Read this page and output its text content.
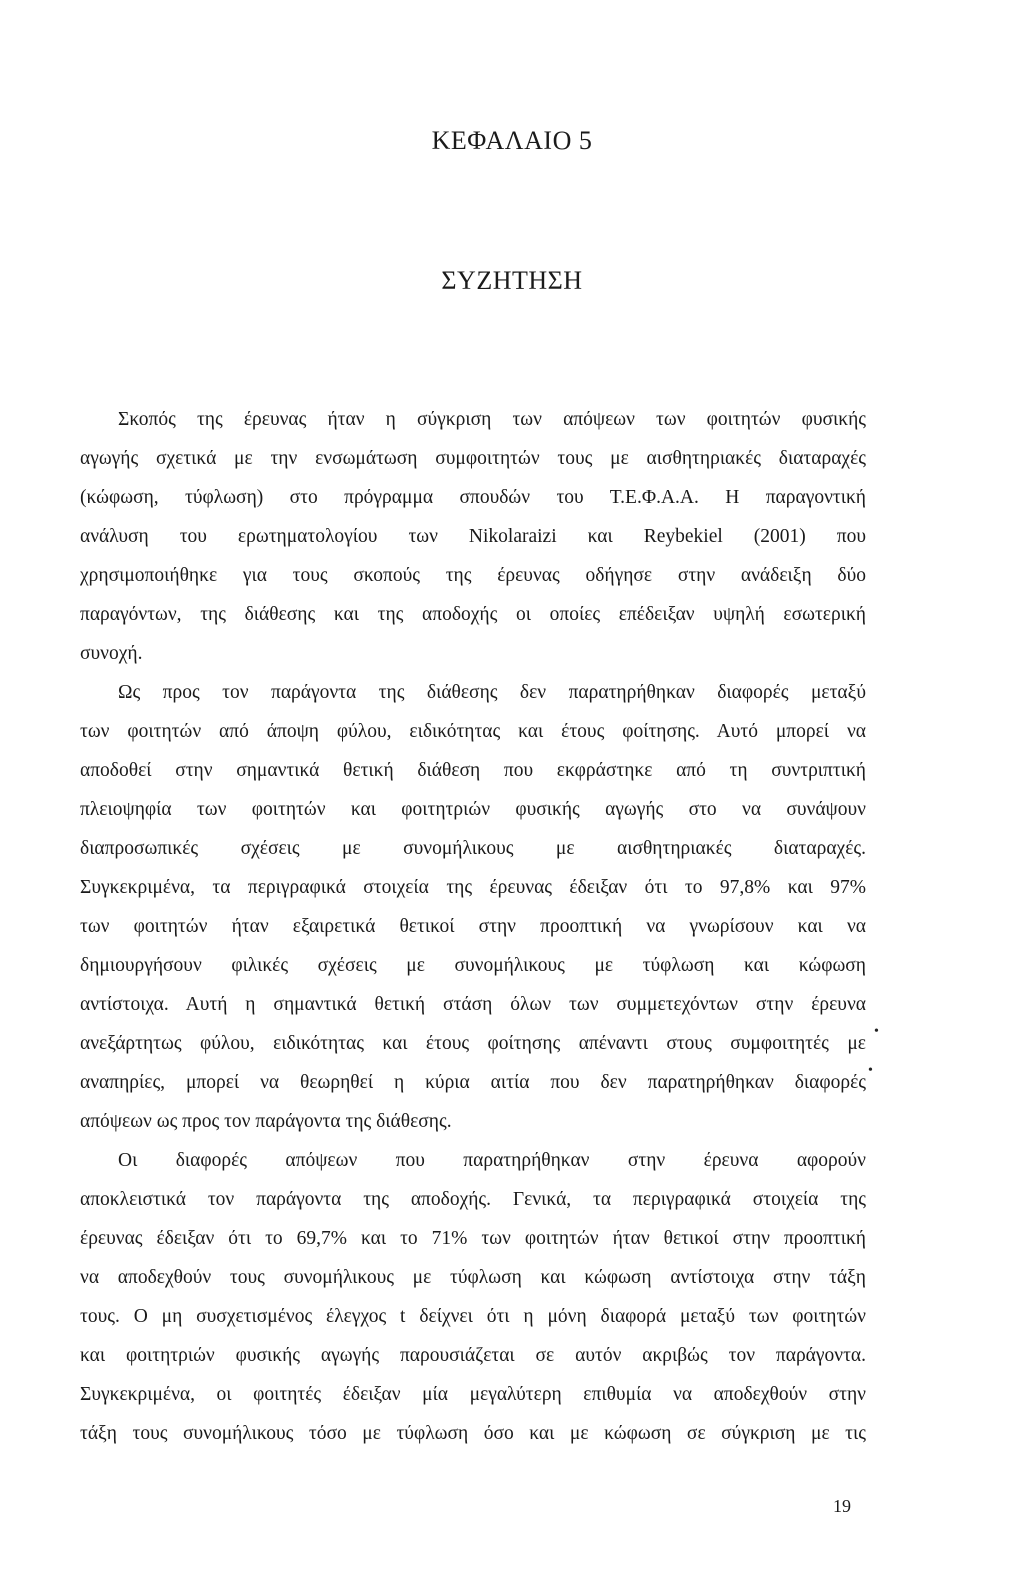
ΚΕΦΑΛΑΙΟ 5
ΣΥΖΗΤΗΣΗ
Σκοπός της έρευνας ήταν η σύγκριση των απόψεων των φοιτητών φυσικής
αγωγής σχετικά με την ενσωμάτωση συμφοιτητών τους με αισθητηριακές διαταραχές
(κώφωση, τύφλωση) στο πρόγραμμα σπουδών του Τ.Ε.Φ.Α.Α. Η παραγοντική
ανάλυση του ερωτηματολογίου των Nikolaraizi και Reybekiel (2001) που
χρησιμοποιήθηκε για τους σκοπούς της έρευνας οδήγησε στην ανάδειξη δύο
παραγόντων, της διάθεσης και της αποδοχής οι οποίες επέδειξαν υψηλή εσωτερική
συνοχή.
Ως προς τον παράγοντα της διάθεσης δεν παρατηρήθηκαν διαφορές μεταξύ
των φοιτητών από άποψη φύλου, ειδικότητας και έτους φοίτησης. Αυτό μπορεί να
αποδοθεί στην σημαντικά θετική διάθεση που εκφράστηκε από τη συντριπτική
πλειοψηφία των φοιτητών και φοιτητριών φυσικής αγωγής στο να συνάψουν
διαπροσωπικές σχέσεις με συνομήλικους με αισθητηριακές διαταραχές.
Συγκεκριμένα, τα περιγραφικά στοιχεία της έρευνας έδειξαν ότι το 97,8% και 97%
των φοιτητών ήταν εξαιρετικά θετικοί στην προοπτική να γνωρίσουν και να
δημιουργήσουν φιλικές σχέσεις με συνομήλικους με τύφλωση και κώφωση
αντίστοιχα. Αυτή η σημαντικά θετική στάση όλων των συμμετεχόντων στην έρευνα
ανεξάρτητως φύλου, ειδικότητας και έτους φοίτησης απέναντι στους συμφοιτητές με
αναπηρίες, μπορεί να θεωρηθεί η κύρια αιτία που δεν παρατηρήθηκαν διαφορές
απόψεων ως προς τον παράγοντα της διάθεσης.
Οι διαφορές απόψεων που παρατηρήθηκαν στην έρευνα αφορούν
αποκλειστικά τον παράγοντα της αποδοχής. Γενικά, τα περιγραφικά στοιχεία της
έρευνας έδειξαν ότι το 69,7% και το 71% των φοιτητών ήταν θετικοί στην προοπτική
να αποδεχθούν τους συνομήλικους με τύφλωση και κώφωση αντίστοιχα στην τάξη
τους. Ο μη συσχετισμένος έλεγχος t δείχνει ότι η μόνη διαφορά μεταξύ των φοιτητών
και φοιτητριών φυσικής αγωγής παρουσιάζεται σε αυτόν ακριβώς τον παράγοντα.
Συγκεκριμένα, οι φοιτητές έδειξαν μία μεγαλύτερη επιθυμία να αποδεχθούν στην
τάξη τους συνομήλικους τόσο με τύφλωση όσο και με κώφωση σε σύγκριση με τις
•
•
19
